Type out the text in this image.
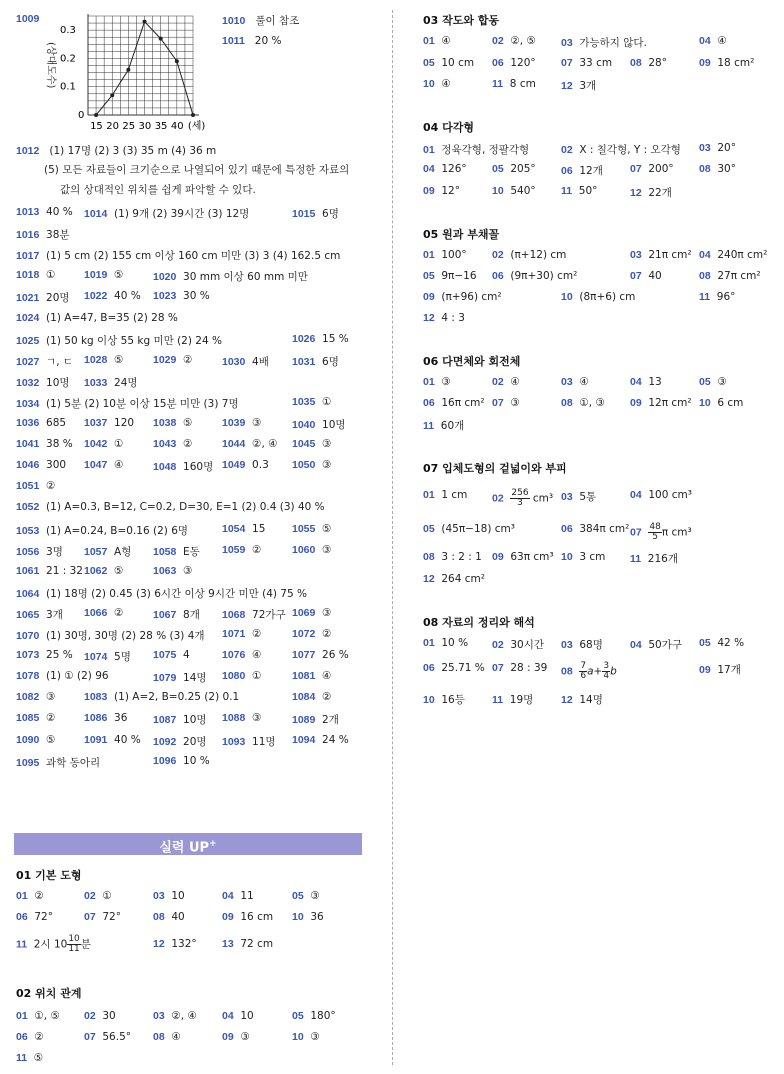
1009
(상대도수)
0.3
0.2
0.1
0
15 20 25 30 35 40 (세)
1010 풀이 참조
1011 20 %
1012 (1) 17명 (2) 3 (3) 35 m (4) 36 m
(5) 모든 자료들이 크기순으로 나열되어 있기 때문에 특정한 자료의
값의 상대적인 위치를 쉽게 파악할 수 있다.
1013 40 % 1014 (1) 9개 (2) 39시간 (3) 12명	1015 6명
1016 38분
1017 (1) 5 cm (2) 155 cm 이상 160 cm 미만 (3) 3 (4) 162.5 cm
1018 ①	1019 ⑤	1020 30 mm 이상 60 mm 미만
1021 20명 1022 40 % 1023 30 %
1024 (1) A=47, B=35 (2) 28 %
1025 (1) 50 kg 이상 55 kg 미만 (2) 24 %	1026 15 %
1027 ㄱ, ㄷ 1028 ⑤	1029 ②	1030 4배 1031 6명
1032 10명 1033 24명
1034 (1) 5분 (2) 10분 이상 15분 미만 (3) 7명	1035 ①
1036 685 1037 120 1038 ⑤	1039 ③	1040 10명
1041 38 % 1042 ①	1043 ②	1044 ②, ④ 1045 ③
1046 300 1047 ④	1048 160명 1049 0.3 1050 ③
1051 ②
1052 (1) A=0.3, B=12, C=0.2, D=30, E=1 (2) 0.4 (3) 40 %
1053 (1) A=0.24, B=0.16 (2) 6명	1054 15	1055 ⑤
1056 3명 1057 A형 1058 E동 1059 ②	1060 ③
1061 21 : 32 1062 ⑤	1063 ③
1064 (1) 18명 (2) 0.45 (3) 6시간 이상 9시간 미만 (4) 75 %
1065 3개 1066 ②	1067 8개 1068 72가구 1069 ③
1070 (1) 30명, 30명 (2) 28 % (3) 4개 1071 ②	1072 ②
1073 25 % 1074 5명 1075 4	1076 ④	1077 26 %
1078 (1) ① (2) 96	1079 14명 1080 ①	1081 ④
1082 ③	1083 (1) A=2, B=0.25 (2) 0.1	1084 ②
1085 ②	1086 36 1087 10명 1088 ③	1089 2개
1090 ⑤	1091 40 % 1092 20명 1093 11명 1094 24 %
1095 과학 동아리	1096 10 %
실력 UP+
01 기본 도형
01 ②	02 ①	03 10	04 11	05 ③
06 72°	07 72°	08 40	09 16 cm 10 36
11 2시 $10 \frac{10}{11}$ 분	12 132° 13 72 cm
02 위치 관계
01 ①, ⑤ 02 30	03 ②, ④ 04 10	05 180°
06 ②	07 56.5° 08 ④	09 ③	10 ③
11 ⑤
03 작도와 합동
01 ④	02 ②, ⑤ 03 가능하지 않다.	04 ④
05 10 cm 06 120° 07 33 cm 08 28°	09 18 cm²
10 ④	11 8 cm 12 3개
04 다각형
01 정육각형, 정팔각형	02 X : 칠각형, Y : 오각형 03 20°
04 126° 05 205° 06 12개	07 200° 08 30°
09 12°	10 540° 11 50°	12 22개
05 원과 부채꼴
01 100° 02 (π+12) cm	03 21π cm² 04 240π cm²
05 9π−16 06 (9π+30) cm²	07 40	08 27π cm²
09 (π+96) cm²	10 (8π+6) cm	11 96°
12 4 : 3
06 다면체와 회전체
01 ③	02 ④	03 ④	04 13	05 ③
06 16π cm² 07 ③	08 ①, ③ 09 12π cm² 10 6 cm
11 60개
07 입체도형의 겉넓이와 부피
01 1 cm $02 \frac{256}{3} cm^3$ 03 5통	04 100 cm³
05 (45π−18) cm³	06 384π cm² $07 \frac{48}{5}$ π cm³
08 3 : 2 : 1 09 63π cm³ 10 3 cm 11 216개
12 264 cm²
08 자료의 정리와 해석
01 10 % 02 30시간 03 68명	04 50가구 05 42 %
06 25.71 % 07 28 : 39 $08 \frac{7}{6} a+ \frac{3}{4}$ b	09 17개
10 16등	11 19명	12 14명
